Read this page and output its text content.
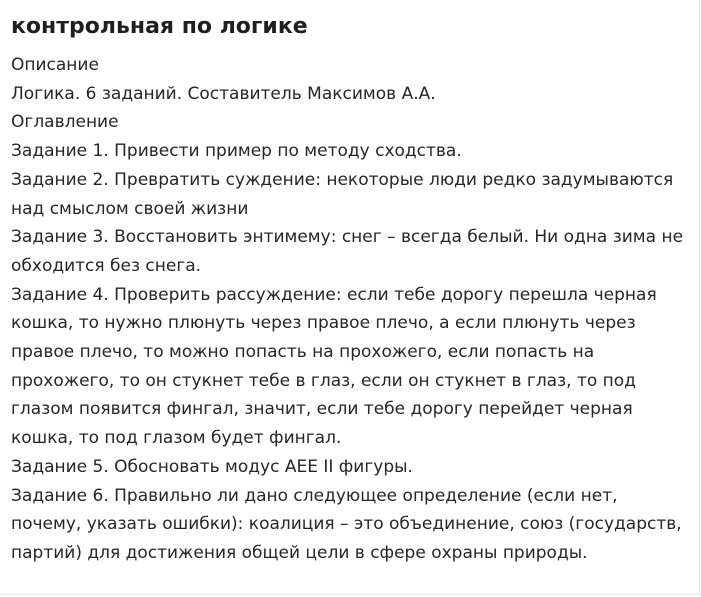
контрольная по логике
Описание
Логика. 6 заданий. Составитель Максимов А.А.
Оглавление
Задание 1. Привести пример по методу сходства.
Задание 2. Превратить суждение: некоторые люди редко задумываются над смыслом своей жизни
Задание 3. Восстановить энтимему: снег – всегда белый. Ни одна зима не обходится без снега.
Задание 4. Проверить рассуждение: если тебе дорогу перешла черная кошка, то нужно плюнуть через правое плечо, а если плюнуть через правое плечо, то можно попасть на прохожего, если попасть на прохожего, то он стукнет тебе в глаз, если он стукнет в глаз, то под глазом появится фингал, значит, если тебе дорогу перейдет черная кошка, то под глазом будет фингал.
Задание 5. Обосновать модус АЕЕ II фигуры.
Задание 6. Правильно ли дано следующее определение (если нет, почему, указать ошибки): коалиция – это объединение, союз (государств, партий) для достижения общей цели в сфере охраны природы.
